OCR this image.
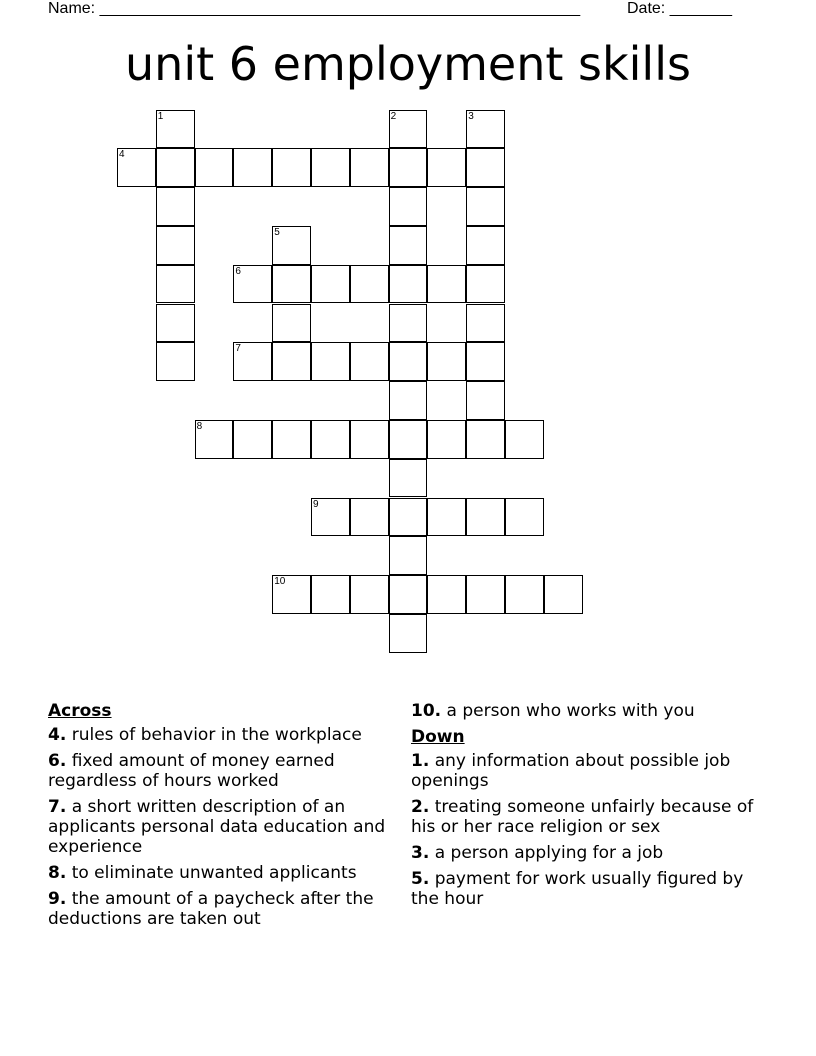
Name: ______________________________________________________	Date: _______
unit 6 employment skills
4
6
7
8
9
10
1	2	3
5
Across
4. rules of behavior in the workplace
6. fixed amount of money earned regardless of hours worked
7. a short written description of an applicants personal data education and experience
8. to eliminate unwanted applicants
9. the amount of a paycheck after the deductions are taken out
10. a person who works with you
Down
1. any information about possible job openings
2. treating someone unfairly because of his or her race religion or sex
3. a person applying for a job
5. payment for work usually figured by the hour
